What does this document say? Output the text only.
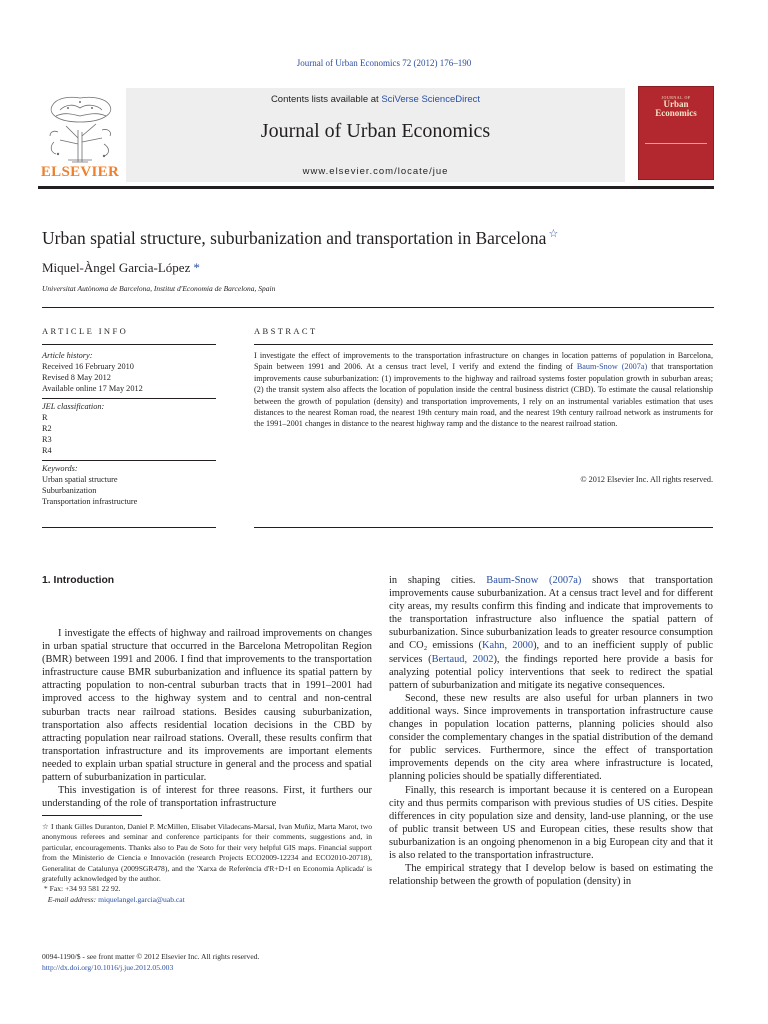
Journal of Urban Economics 72 (2012) 176–190
ELSEVIER
Contents lists available at SciVerse ScienceDirect
Journal of Urban Economics
www.elsevier.com/locate/jue
JOURNAL OF
Urban
Economics
Urban spatial structure, suburbanization and transportation in Barcelona ☆
Miquel-Àngel Garcia-López *
Universitat Autònoma de Barcelona, Institut d'Economia de Barcelona, Spain
ARTICLE INFO
Article history:
Received 16 February 2010
Revised 8 May 2012
Available online 17 May 2012
JEL classification:
R
R2
R3
R4
Keywords:
Urban spatial structure
Suburbanization
Transportation infrastructure
ABSTRACT
I investigate the effect of improvements to the transportation infrastructure on changes in location patterns of population in Barcelona, Spain between 1991 and 2006. At a census tract level, I verify and extend the finding of Baum-Snow (2007a) that transportation improvements cause suburbanization: (1) improvements to the highway and railroad systems foster population growth in suburban areas; (2) the transit system also affects the location of population inside the central business district (CBD). To estimate the causal relationship between the growth of population (density) and transportation improvements, I rely on an instrumental variables estimation that uses distances to the nearest Roman road, the nearest 19th century main road, and the nearest 19th century railroad network as instruments for the 1991–2001 changes in distance to the nearest highway ramp and the distance to the nearest railroad station.
© 2012 Elsevier Inc. All rights reserved.
1. Introduction

I investigate the effects of highway and railroad improvements on changes in urban spatial structure that occurred in the Barcelona Metropolitan Region (BMR) between 1991 and 2006. I find that improvements to the transportation infrastructure cause BMR suburbanization and influence its spatial pattern by attracting population to non-central suburban tracts that in 1991–2001 had improved access to the highway system and to central and non-central suburban tracts near railroad stations. Besides causing suburbanization, transportation also affects residential location decisions in the CBD by attracting population near railroad stations. Overall, these results confirm that transportation infrastructure and its improvements are important elements needed to explain urban spatial structure in general and the process and spatial pattern of suburbanization in particular.

This investigation is of interest for three reasons. First, it furthers our understanding of the role of transportation infrastructure

in shaping cities. Baum-Snow (2007a) shows that transportation improvements cause suburbanization. At a census tract level and for different city areas, my results confirm this finding and indicate that improvements to the transportation infrastructure also influence the spatial pattern of suburbanization. Since suburbanization leads to greater resource consumption and CO₂ emissions (Kahn, 2000), and to an inefficient supply of public services (Bertaud, 2002), the findings reported here provide a basis for analyzing potential policy interventions that seek to redirect the spatial pattern of suburbanization and mitigate its negative consequences.

Second, these new results are also useful for urban planners in two additional ways. Since improvements in transportation infrastructure cause changes in population location patterns, planning policies should also consider the complementary changes in the spatial distribution of the demand for public services. Furthermore, since the effect of transportation improvements depends on the city area where infrastructure is located, planning policies should be spatially differentiated.

Finally, this research is important because it is centered on a European city and thus permits comparison with previous studies of US cities. Despite differences in city population size and density, land-use planning, or the use of public transit between US and European cities, these results show that suburbanization is an ongoing phenomenon in a big European city and that it is also related to the transportation infrastructure.

The empirical strategy that I develop below is based on estimating the relationship between the growth of population (density) in

☆ I thank Gilles Duranton, Daniel P. McMillen, Elisabet Viladecans-Marsal, Ivan Muñiz, Marta Marot, two anonymous referees and seminar and conference participants for their comments, suggestions and, in particular, encouragements. Thanks also to Pau de Soto for their very helpful GIS maps. Financial support from the Ministerio de Ciencia e Innovación (research Projects ECO2009-12234 and ECO2010-20718), Generalitat de Catalunya (2009SGR478), and the 'Xarxa de Referència d'R+D+I en Economia Aplicada' is gratefully acknowledged by the author.
* Fax: +34 93 581 22 92.
E-mail address: miquelangel.garcia@uab.cat
0094-1190/$ - see front matter © 2012 Elsevier Inc. All rights reserved.
http://dx.doi.org/10.1016/j.jue.2012.05.003
